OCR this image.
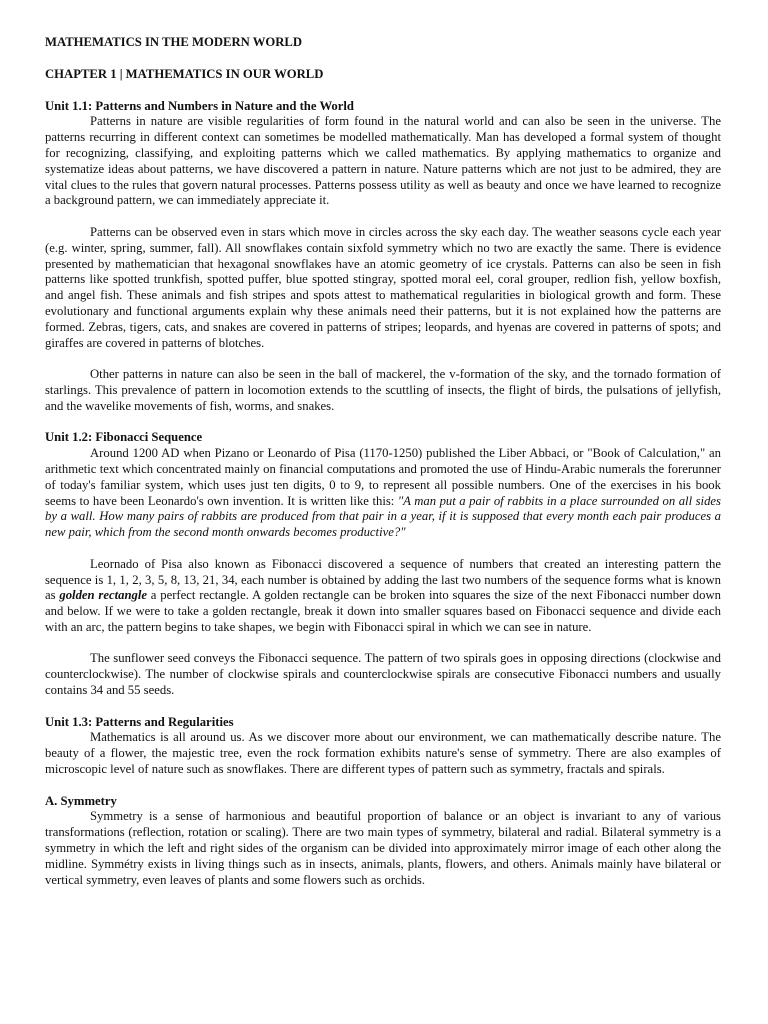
MATHEMATICS IN THE MODERN WORLD
CHAPTER 1 | MATHEMATICS IN OUR WORLD
Unit 1.1: Patterns and Numbers in Nature and the World

Patterns in nature are visible regularities of form found in the natural world and can also be seen in the universe. The patterns recurring in different context can sometimes be modelled mathematically. Man has developed a formal system of thought for recognizing, classifying, and exploiting patterns which we called mathematics. By applying mathematics to organize and systematize ideas about patterns, we have discovered a pattern in nature. Nature patterns which are not just to be admired, they are vital clues to the rules that govern natural processes. Patterns possess utility as well as beauty and once we have learned to recognize a background pattern, we can immediately appreciate it.

Patterns can be observed even in stars which move in circles across the sky each day. The weather seasons cycle each year (e.g. winter, spring, summer, fall). All snowflakes contain sixfold symmetry which no two are exactly the same. There is evidence presented by mathematician that hexagonal snowflakes have an atomic geometry of ice crystals. Patterns can also be seen in fish patterns like spotted trunkfish, spotted puffer, blue spotted stingray, spotted moral eel, coral grouper, redlion fish, yellow boxfish, and angel fish. These animals and fish stripes and spots attest to mathematical regularities in biological growth and form. These evolutionary and functional arguments explain why these animals need their patterns, but it is not explained how the patterns are formed. Zebras, tigers, cats, and snakes are covered in patterns of stripes; leopards, and hyenas are covered in patterns of spots; and giraffes are covered in patterns of blotches.

Other patterns in nature can also be seen in the ball of mackerel, the v-formation of the sky, and the tornado formation of starlings. This prevalence of pattern in locomotion extends to the scuttling of insects, the flight of birds, the pulsations of jellyfish, and the wavelike movements of fish, worms, and snakes.

Unit 1.2: Fibonacci Sequence

Around 1200 AD when Pizano or Leonardo of Pisa (1170-1250) published the Liber Abbaci, or "Book of Calculation," an arithmetic text which concentrated mainly on financial computations and promoted the use of Hindu-Arabic numerals the forerunner of today's familiar system, which uses just ten digits, 0 to 9, to represent all possible numbers. One of the exercises in his book seems to have been Leonardo's own invention. It is written like this: "A man put a pair of rabbits in a place surrounded on all sides by a wall. How many pairs of rabbits are produced from that pair in a year, if it is supposed that every month each pair produces a new pair, which from the second month onwards becomes productive?"

Leornado of Pisa also known as Fibonacci discovered a sequence of numbers that created an interesting pattern the sequence is 1, 1, 2, 3, 5, 8, 13, 21, 34, each number is obtained by adding the last two numbers of the sequence forms what is known as golden rectangle a perfect rectangle. A golden rectangle can be broken into squares the size of the next Fibonacci number down and below. If we were to take a golden rectangle, break it down into smaller squares based on Fibonacci sequence and divide each with an arc, the pattern begins to take shapes, we begin with Fibonacci spiral in which we can see in nature.

The sunflower seed conveys the Fibonacci sequence. The pattern of two spirals goes in opposing directions (clockwise and counterclockwise). The number of clockwise spirals and counterclockwise spirals are consecutive Fibonacci numbers and usually contains 34 and 55 seeds.

Unit 1.3: Patterns and Regularities

Mathematics is all around us. As we discover more about our environment, we can mathematically describe nature. The beauty of a flower, the majestic tree, even the rock formation exhibits nature's sense of symmetry. There are also examples of microscopic level of nature such as snowflakes. There are different types of pattern such as symmetry, fractals and spirals.

A. Symmetry

Symmetry is a sense of harmonious and beautiful proportion of balance or an object is invariant to any of various transformations (reflection, rotation or scaling). There are two main types of symmetry, bilateral and radial. Bilateral symmetry is a symmetry in which the left and right sides of the organism can be divided into approximately mirror image of each other along the midline. Symmétry exists in living things such as in insects, animals, plants, flowers, and others. Animals mainly have bilateral or vertical symmetry, even leaves of plants and some flowers such as orchids.
